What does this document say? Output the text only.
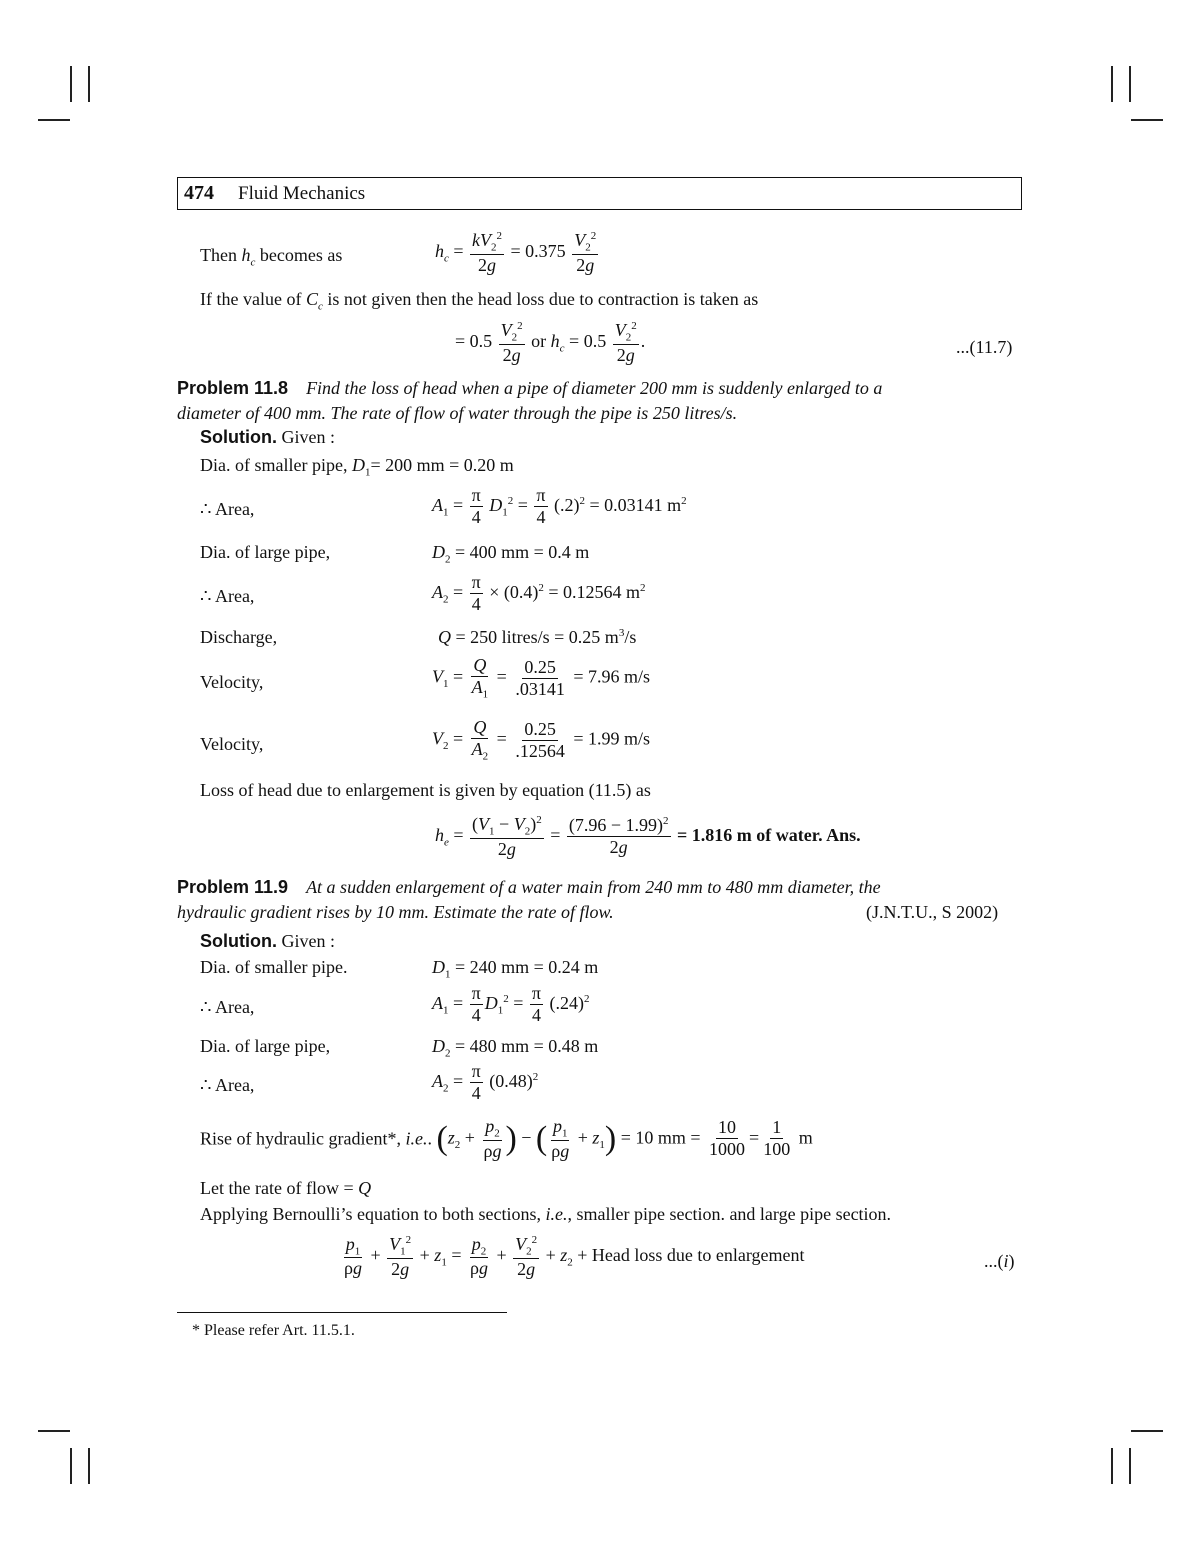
474 Fluid Mechanics
Then $h_c$ becomes as	$h_c = \frac{kV_2^2}{2g} = 0.375 \frac{V_2^2}{2g}$
If the value of $C_c$ is not given then the head loss due to contraction is taken as
= $0.5 \frac{V_2^2}{2g}$ or $h_c = 0.5 \frac{V_2^2}{2g}$ .	...(11.7)
Problem 11.8 Find the loss of head when a pipe of diameter 200 mm is suddenly enlarged to a
diameter of 400 mm. The rate of flow of water through the pipe is 250 litres/s.
Solution. Given :
Dia. of smaller pipe, $D_1= 200$ mm = 0.20 m
∴ Area,	$A_1 = \frac{\pi}{4} D_1^2 = \frac{\pi}{4} (.2)^2 = 0.03141$ $m^2$
Dia. of large pipe,	$D_2 = 400$ mm = 0.4 m
∴ Area,	$A_2 = \frac{\pi}{4} \times (0.4)^2 = 0.12564$ $m^2$
Discharge,	Q = 250 litres/s = 0.25 $m^3/s$
Velocity,	$V_1 = \frac{Q}{A_1} = \frac{0.25}{.03141} = 7.96$ m/s
Velocity,	$V_2 = \frac{Q}{A_2} = \frac{0.25}{.12564} = 1.99$ m/s
Loss of head due to enlargement is given by equation (11.5) as
$h_e = \frac{(V_1 - V_2)^2}{2g} = \frac{(7.96 - 1.99)^2}{2g} = 1.816$ m of water. Ans.
Problem 11.9 At a sudden enlargement of a water main from 240 mm to 480 mm diameter, the
hydraulic gradient rises by 10 mm. Estimate the rate of flow.	(J.N.T.U., S 2002)
Solution. Given :
Dia. of smaller pipe.	$D_1 = 240$ mm = 0.24 m
∴ Area,	$A_1 = \frac{\pi}{4} D_1^2 = \frac{\pi}{4} (.24)^2$
Dia. of large pipe,	$D_2 = 480$ mm = 0.48 m
∴ Area,	$A_2 = \frac{\pi}{4} (0.48)^2$
Rise of hydraulic gradient*, i.e.. ($z_2 + \frac{p_2}{\rho g}$ ) − ( $\frac{p_1}{\rho g} + z_1) = 10$ mm = $\frac{10}{1000} = \frac{1}{100}$ m
Let the rate of flow = Q
Applying Bernoulli’s equation to both sections, i.e., smaller pipe section. and large pipe section.
$\frac{p_1}{\rho g} + \frac{V_1^2}{2g} + z_1 = \frac{p_2}{\rho g} + \frac{V_2^2}{2g} + z_2$ + Head loss due to enlargement	...(i)
* Please refer Art. 11.5.1.
